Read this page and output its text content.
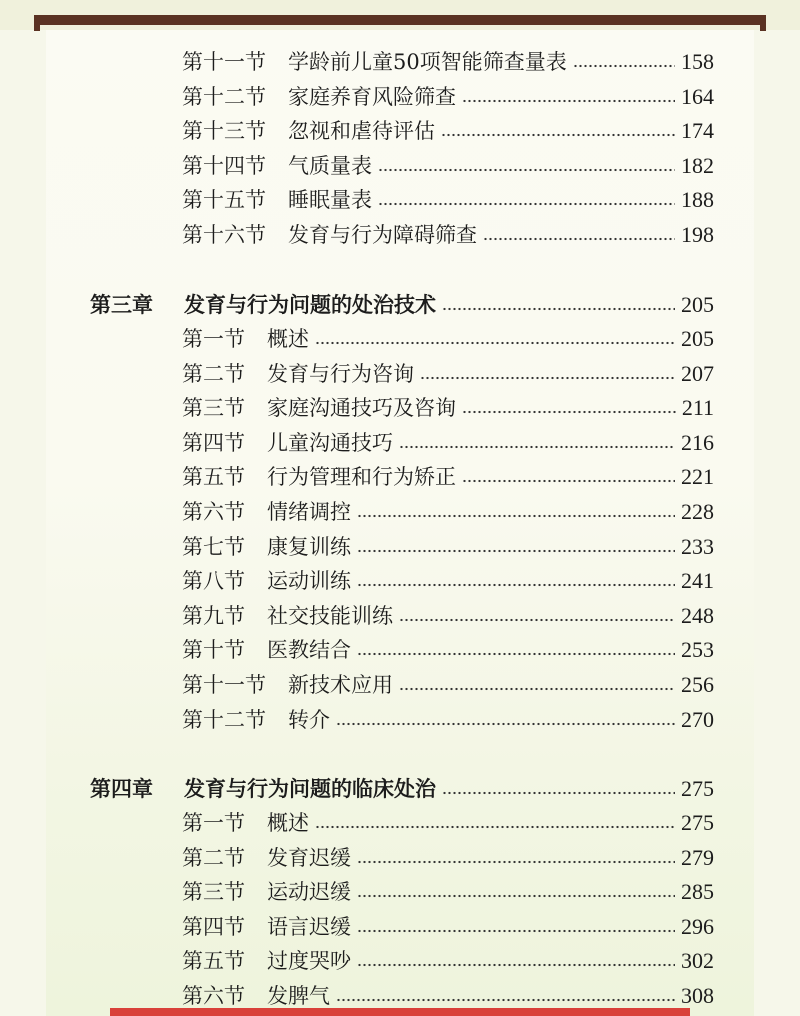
第十一节 学龄前儿童50项智能筛查量表	158
第十二节 家庭养育风险筛查	164
第十三节 忽视和虐待评估	174
第十四节 气质量表	182
第十五节 睡眠量表	188
第十六节 发育与行为障碍筛查	198
第三章	发育与行为问题的处治技术	205
第一节 概述	205
第二节 发育与行为咨询	207
第三节 家庭沟通技巧及咨询	211
第四节 儿童沟通技巧	216
第五节 行为管理和行为矫正	221
第六节 情绪调控	228
第七节 康复训练	233
第八节 运动训练	241
第九节 社交技能训练	248
第十节 医教结合	253
第十一节 新技术应用	256
第十二节 转介	270
第四章	发育与行为问题的临床处治	275
第一节 概述	275
第二节 发育迟缓	279
第三节 运动迟缓	285
第四节 语言迟缓	296
第五节 过度哭吵	302
第六节 发脾气	308
